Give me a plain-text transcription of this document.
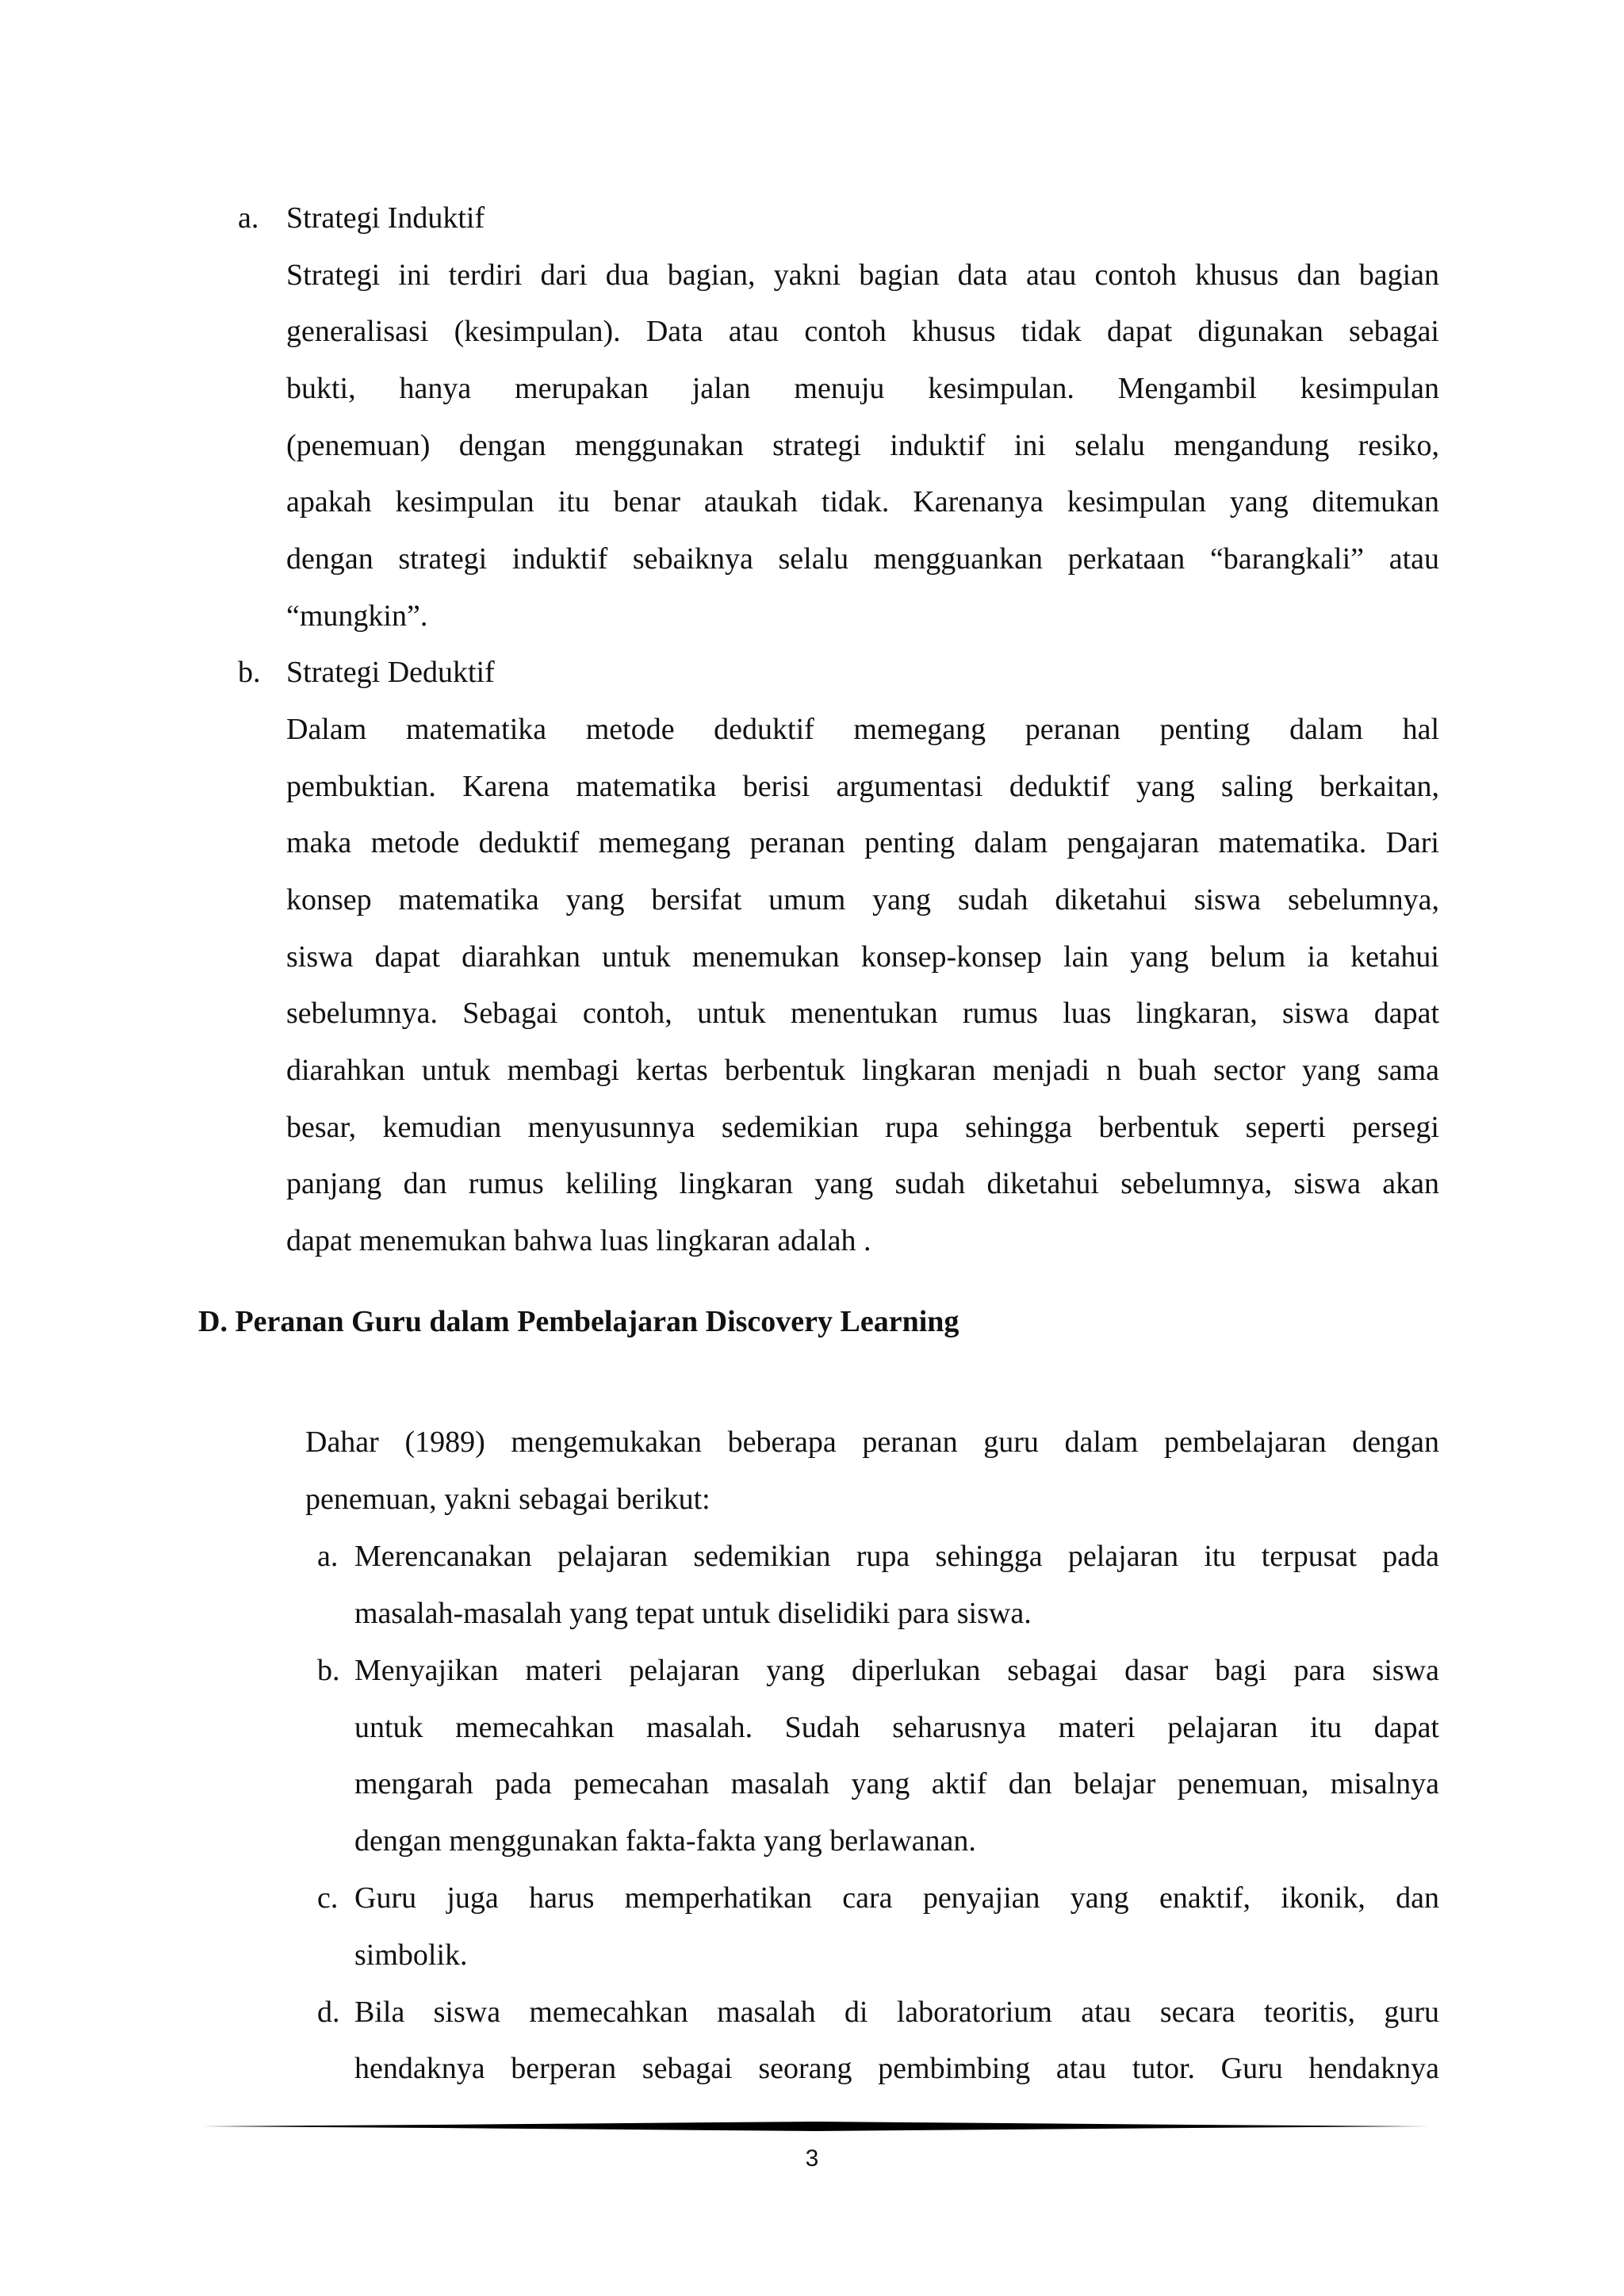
a. Strategi Induktif
Strategi ini terdiri dari dua bagian, yakni bagian data atau contoh khusus dan bagian
generalisasi (kesimpulan). Data atau contoh khusus tidak dapat digunakan sebagai
bukti, hanya merupakan jalan menuju kesimpulan. Mengambil kesimpulan
(penemuan) dengan menggunakan strategi induktif ini selalu mengandung resiko,
apakah kesimpulan itu benar ataukah tidak. Karenanya kesimpulan yang ditemukan
dengan strategi induktif sebaiknya selalu mengguankan perkataan “barangkali” atau
“mungkin”.
b. Strategi Deduktif
Dalam matematika metode deduktif memegang peranan penting dalam hal
pembuktian. Karena matematika berisi argumentasi deduktif yang saling berkaitan,
maka metode deduktif memegang peranan penting dalam pengajaran matematika. Dari
konsep matematika yang bersifat umum yang sudah diketahui siswa sebelumnya,
siswa dapat diarahkan untuk menemukan konsep-konsep lain yang belum ia ketahui
sebelumnya. Sebagai contoh, untuk menentukan rumus luas lingkaran, siswa dapat
diarahkan untuk membagi kertas berbentuk lingkaran menjadi n buah sector yang sama
besar, kemudian menyusunnya sedemikian rupa sehingga berbentuk seperti persegi
panjang dan rumus keliling lingkaran yang sudah diketahui sebelumnya, siswa akan
dapat menemukan bahwa luas lingkaran adalah .
D. Peranan Guru dalam Pembelajaran Discovery Learning
Dahar (1989) mengemukakan beberapa peranan guru dalam pembelajaran dengan
penemuan, yakni sebagai berikut:
a. Merencanakan pelajaran sedemikian rupa sehingga pelajaran itu terpusat pada
masalah-masalah yang tepat untuk diselidiki para siswa.
b. Menyajikan materi pelajaran yang diperlukan sebagai dasar bagi para siswa
untuk memecahkan masalah. Sudah seharusnya materi pelajaran itu dapat
mengarah pada pemecahan masalah yang aktif dan belajar penemuan, misalnya
dengan menggunakan fakta-fakta yang berlawanan.
c. Guru juga harus memperhatikan cara penyajian yang enaktif, ikonik, dan
simbolik.
d. Bila siswa memecahkan masalah di laboratorium atau secara teoritis, guru
hendaknya berperan sebagai seorang pembimbing atau tutor. Guru hendaknya
3
